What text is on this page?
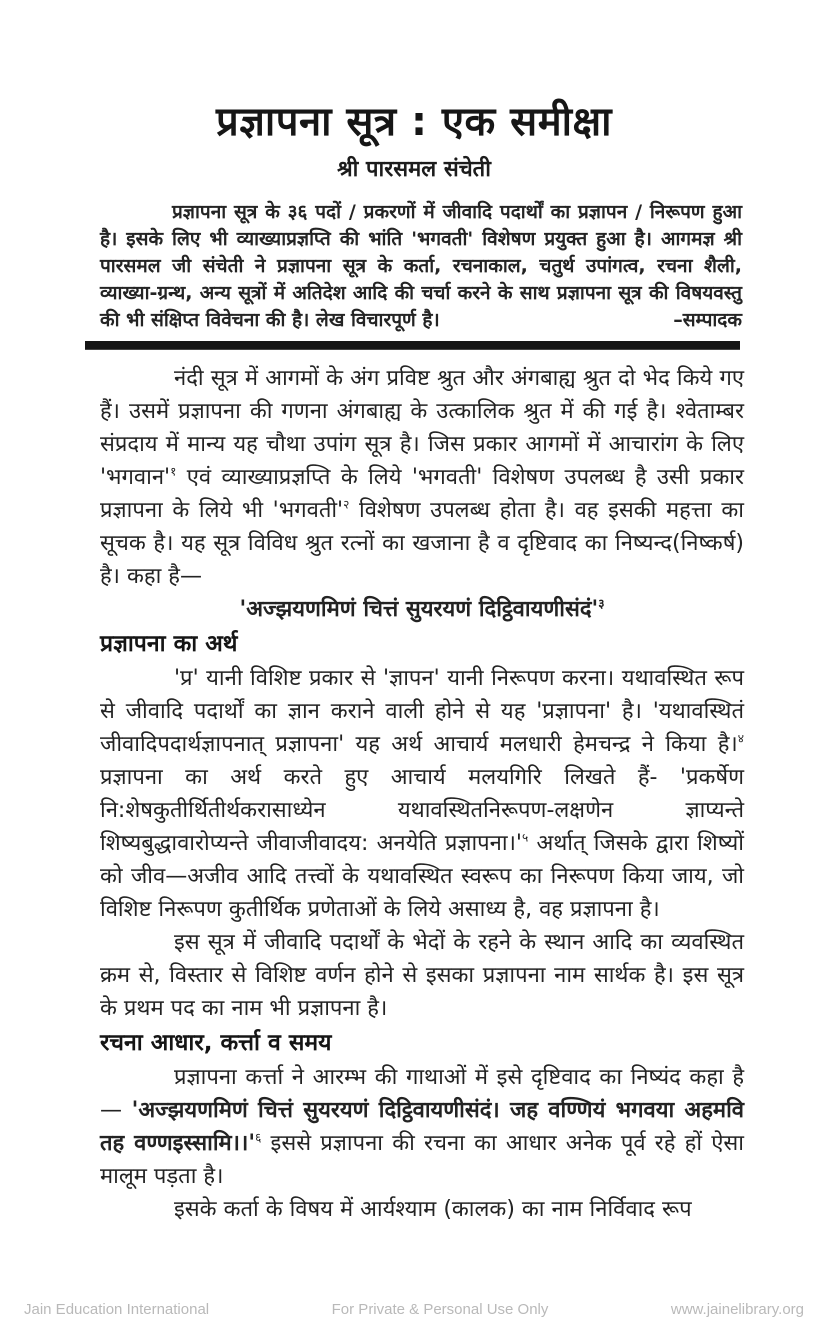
प्रज्ञापना सूत्र : एक समीक्षा
श्री पारसमल संचेती
प्रज्ञापना सूत्र के ३६ पदों / प्रकरणों में जीवादि पदार्थों का प्रज्ञापन / निरूपण हुआ है। इसके लिए भी व्याख्याप्रज्ञप्ति की भांति 'भगवती' विशेषण प्रयुक्त हुआ है। आगमज्ञ श्री पारसमल जी संचेती ने प्रज्ञापना सूत्र के कर्ता, रचनाकाल, चतुर्थ उपांगत्व, रचना शैली, व्याख्या-ग्रन्थ, अन्य सूत्रों में अतिदेश आदि की चर्चा करने के साथ प्रज्ञापना सूत्र की विषयवस्तु की भी संक्षिप्त विवेचना की है। लेख विचारपूर्ण है।	–सम्पादक

नंदी सूत्र में आगमों के अंग प्रविष्ट श्रुत और अंगबाह्य श्रुत दो भेद किये गए हैं। उसमें प्रज्ञापना की गणना अंगबाह्य के उत्कालिक श्रुत में की गई है। श्वेताम्बर संप्रदाय में मान्य यह चौथा उपांग सूत्र है। जिस प्रकार आगमों में आचारांग के लिए 'भगवान'$^१$ एवं व्याख्याप्रज्ञप्ति के लिये 'भगवती' विशेषण उपलब्ध है उसी प्रकार प्रज्ञापना के लिये भी 'भगवती'$^२$ विशेषण उपलब्ध होता है। वह इसकी महत्ता का सूचक है। यह सूत्र विविध श्रुत रत्नों का खजाना है व दृष्टिवाद का निष्यन्द(निष्कर्ष) है। कहा है—

'अज्झयणमिणं चित्तं सुयरयणं दिट्ठिवायणीसंदं'$^३$

प्रज्ञापना का अर्थ

'प्र' यानी विशिष्ट प्रकार से 'ज्ञापन' यानी निरूपण करना। यथावस्थित रूप से जीवादि पदार्थों का ज्ञान कराने वाली होने से यह 'प्रज्ञापना' है। 'यथावस्थितं जीवादिपदार्थज्ञापनात् प्रज्ञापना' यह अर्थ आचार्य मलधारी हेमचन्द्र ने किया है।$^४$ प्रज्ञापना का अर्थ करते हुए आचार्य मलयगिरि लिखते हैं- 'प्रकर्षेण नि:शेषकुतीर्थितीर्थकरासाध्येन यथावस्थितनिरूपण-लक्षणेन ज्ञाप्यन्ते शिष्यबुद्धावारोप्यन्ते जीवाजीवादय: अनयेति प्रज्ञापना।'$^५$ अर्थात् जिसके द्वारा शिष्यों को जीव—अजीव आदि तत्त्वों के यथावस्थित स्वरूप का निरूपण किया जाय, जो विशिष्ट निरूपण कुतीर्थिक प्रणेताओं के लिये असाध्य है, वह प्रज्ञापना है।

इस सूत्र में जीवादि पदार्थों के भेदों के रहने के स्थान आदि का व्यवस्थित क्रम से, विस्तार से विशिष्ट वर्णन होने से इसका प्रज्ञापना नाम सार्थक है। इस सूत्र के प्रथम पद का नाम भी प्रज्ञापना है।

रचना आधार, कर्त्ता व समय

प्रज्ञापना कर्त्ता ने आरम्भ की गाथाओं में इसे दृष्टिवाद का निष्यंद कहा है— 'अज्झयणमिणं चित्तं सुयरयणं दिट्ठिवायणीसंदं। जह वण्णियं भगवया अहमवि तह वण्णइस्सामि।।'$^६$ इससे प्रज्ञापना की रचना का आधार अनेक पूर्व रहे हों ऐसा मालूम पड़ता है।

इसके कर्ता के विषय में आर्यश्याम (कालक) का नाम निर्विवाद रूप

Jain Education International	For Private & Personal Use Only	www.jainelibrary.org
